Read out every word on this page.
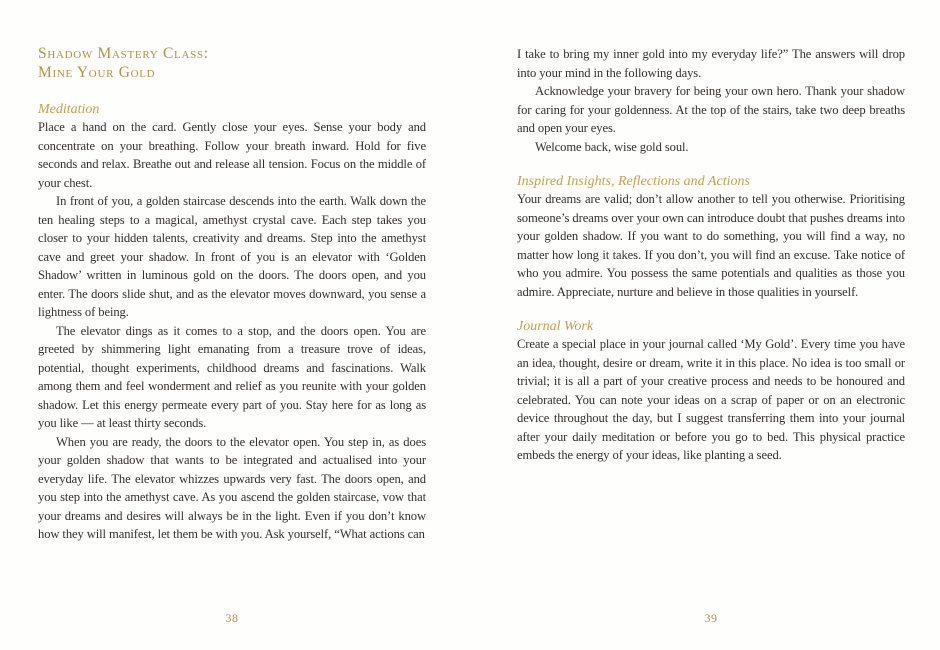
Shadow Mastery Class:
Mine Your Gold
Meditation

Place a hand on the card. Gently close your eyes. Sense your body and concentrate on your breathing. Follow your breath inward. Hold for five seconds and relax. Breathe out and release all tension. Focus on the middle of your chest.

In front of you, a golden staircase descends into the earth. Walk down the ten healing steps to a magical, amethyst crystal cave. Each step takes you closer to your hidden talents, creativity and dreams. Step into the amethyst cave and greet your shadow. In front of you is an elevator with ‘Golden Shadow’ written in luminous gold on the doors. The doors open, and you enter. The doors slide shut, and as the elevator moves downward, you sense a lightness of being.

The elevator dings as it comes to a stop, and the doors open. You are greeted by shimmering light emanating from a treasure trove of ideas, potential, thought experiments, childhood dreams and fascinations. Walk among them and feel wonderment and relief as you reunite with your golden shadow. Let this energy permeate every part of you. Stay here for as long as you like — at least thirty seconds.

When you are ready, the doors to the elevator open. You step in, as does your golden shadow that wants to be integrated and actualised into your everyday life. The elevator whizzes upwards very fast. The doors open, and you step into the amethyst cave. As you ascend the golden staircase, vow that your dreams and desires will always be in the light. Even if you don’t know how they will manifest, let them be with you. Ask yourself, “What actions can

38

I take to bring my inner gold into my everyday life?” The answers will drop into your mind in the following days.

Acknowledge your bravery for being your own hero. Thank your shadow for caring for your goldenness. At the top of the stairs, take two deep breaths and open your eyes.

Welcome back, wise gold soul.

Inspired Insights, Reflections and Actions

Your dreams are valid; don’t allow another to tell you otherwise. Prioritising someone’s dreams over your own can introduce doubt that pushes dreams into your golden shadow. If you want to do something, you will find a way, no matter how long it takes. If you don’t, you will find an excuse. Take notice of who you admire. You possess the same potentials and qualities as those you admire. Appreciate, nurture and believe in those qualities in yourself.

Journal Work

Create a special place in your journal called ‘My Gold’. Every time you have an idea, thought, desire or dream, write it in this place. No idea is too small or trivial; it is all a part of your creative process and needs to be honoured and celebrated. You can note your ideas on a scrap of paper or on an electronic device throughout the day, but I suggest transferring them into your journal after your daily meditation or before you go to bed. This physical practice embeds the energy of your ideas, like planting a seed.

39
